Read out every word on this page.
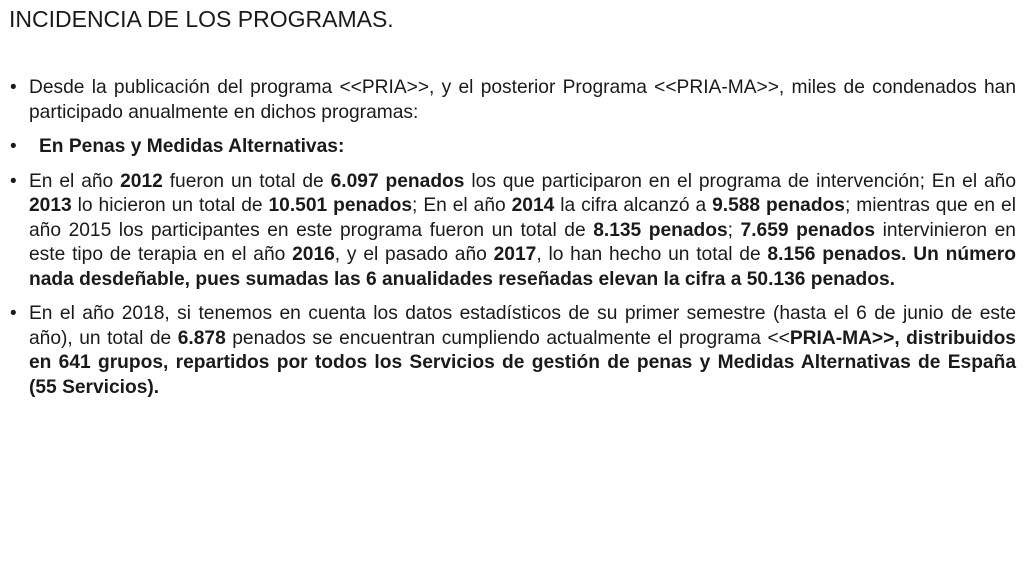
INCIDENCIA DE LOS PROGRAMAS.
• Desde la publicación del programa <<PRIA>>, y el posterior Programa <<PRIA-MA>>, miles de condenados han participado anualmente en dichos programas:
• En Penas y Medidas Alternativas:
• En el año 2012 fueron un total de 6.097 penados los que participaron en el programa de intervención; En el año 2013 lo hicieron un total de 10.501 penados; En el año 2014 la cifra alcanzó a 9.588 penados; mientras que en el año 2015 los participantes en este programa fueron un total de 8.135 penados; 7.659 penados intervinieron en este tipo de terapia en el año 2016, y el pasado año 2017, lo han hecho un total de 8.156 penados. Un número nada desdeñable, pues sumadas las 6 anualidades reseñadas elevan la cifra a 50.136 penados.
• En el año 2018, si tenemos en cuenta los datos estadísticos de su primer semestre (hasta el 6 de junio de este año), un total de 6.878 penados se encuentran cumpliendo actualmente el programa <<PRIA-MA>>, distribuidos en 641 grupos, repartidos por todos los Servicios de gestión de penas y Medidas Alternativas de España (55 Servicios).
